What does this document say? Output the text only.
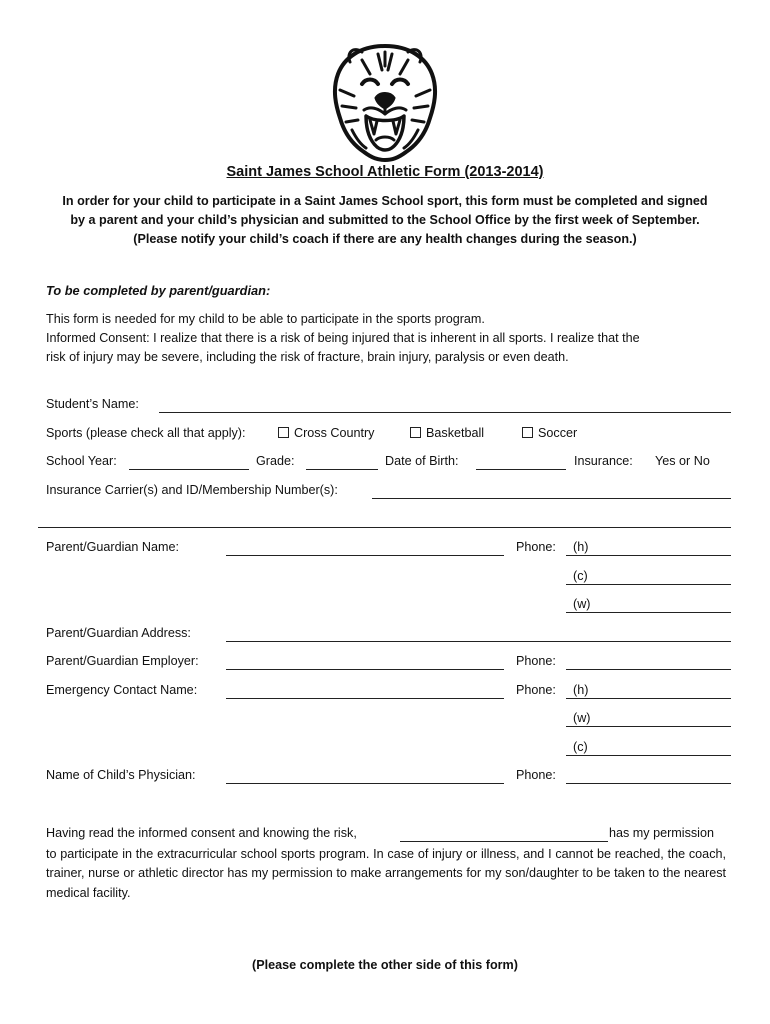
Saint James School Athletic Form (2013-2014)
In order for your child to participate in a Saint James School sport, this form must be completed and signed
by a parent and your child’s physician and submitted to the School Office by the first week of September.
(Please notify your child’s coach if there are any health changes during the season.)
To be completed by parent/guardian:
This form is needed for my child to be able to participate in the sports program.
Informed Consent: I realize that there is a risk of being injured that is inherent in all sports. I realize that the
risk of injury may be severe, including the risk of fracture, brain injury, paralysis or even death.
Student’s Name:
Sports (please check all that apply):	Cross Country	Basketball	Soccer
School Year:	Grade:	Date of Birth:	Insurance: Yes or No
Insurance Carrier(s) and ID/Membership Number(s):
Parent/Guardian Name:	Phone: (h)
(c)
(w)
Parent/Guardian Address:
Parent/Guardian Employer:	Phone:
Emergency Contact Name:	Phone: (h)
(w)
(c)
Name of Child’s Physician:	Phone:
Having read the informed consent and knowing the risk,	has my permission
to participate in the extracurricular school sports program. In case of injury or illness, and I cannot be reached, the coach, trainer, nurse or athletic director has my permission to make arrangements for my son/daughter to be taken to the nearest medical facility.
(Please complete the other side of this form)
